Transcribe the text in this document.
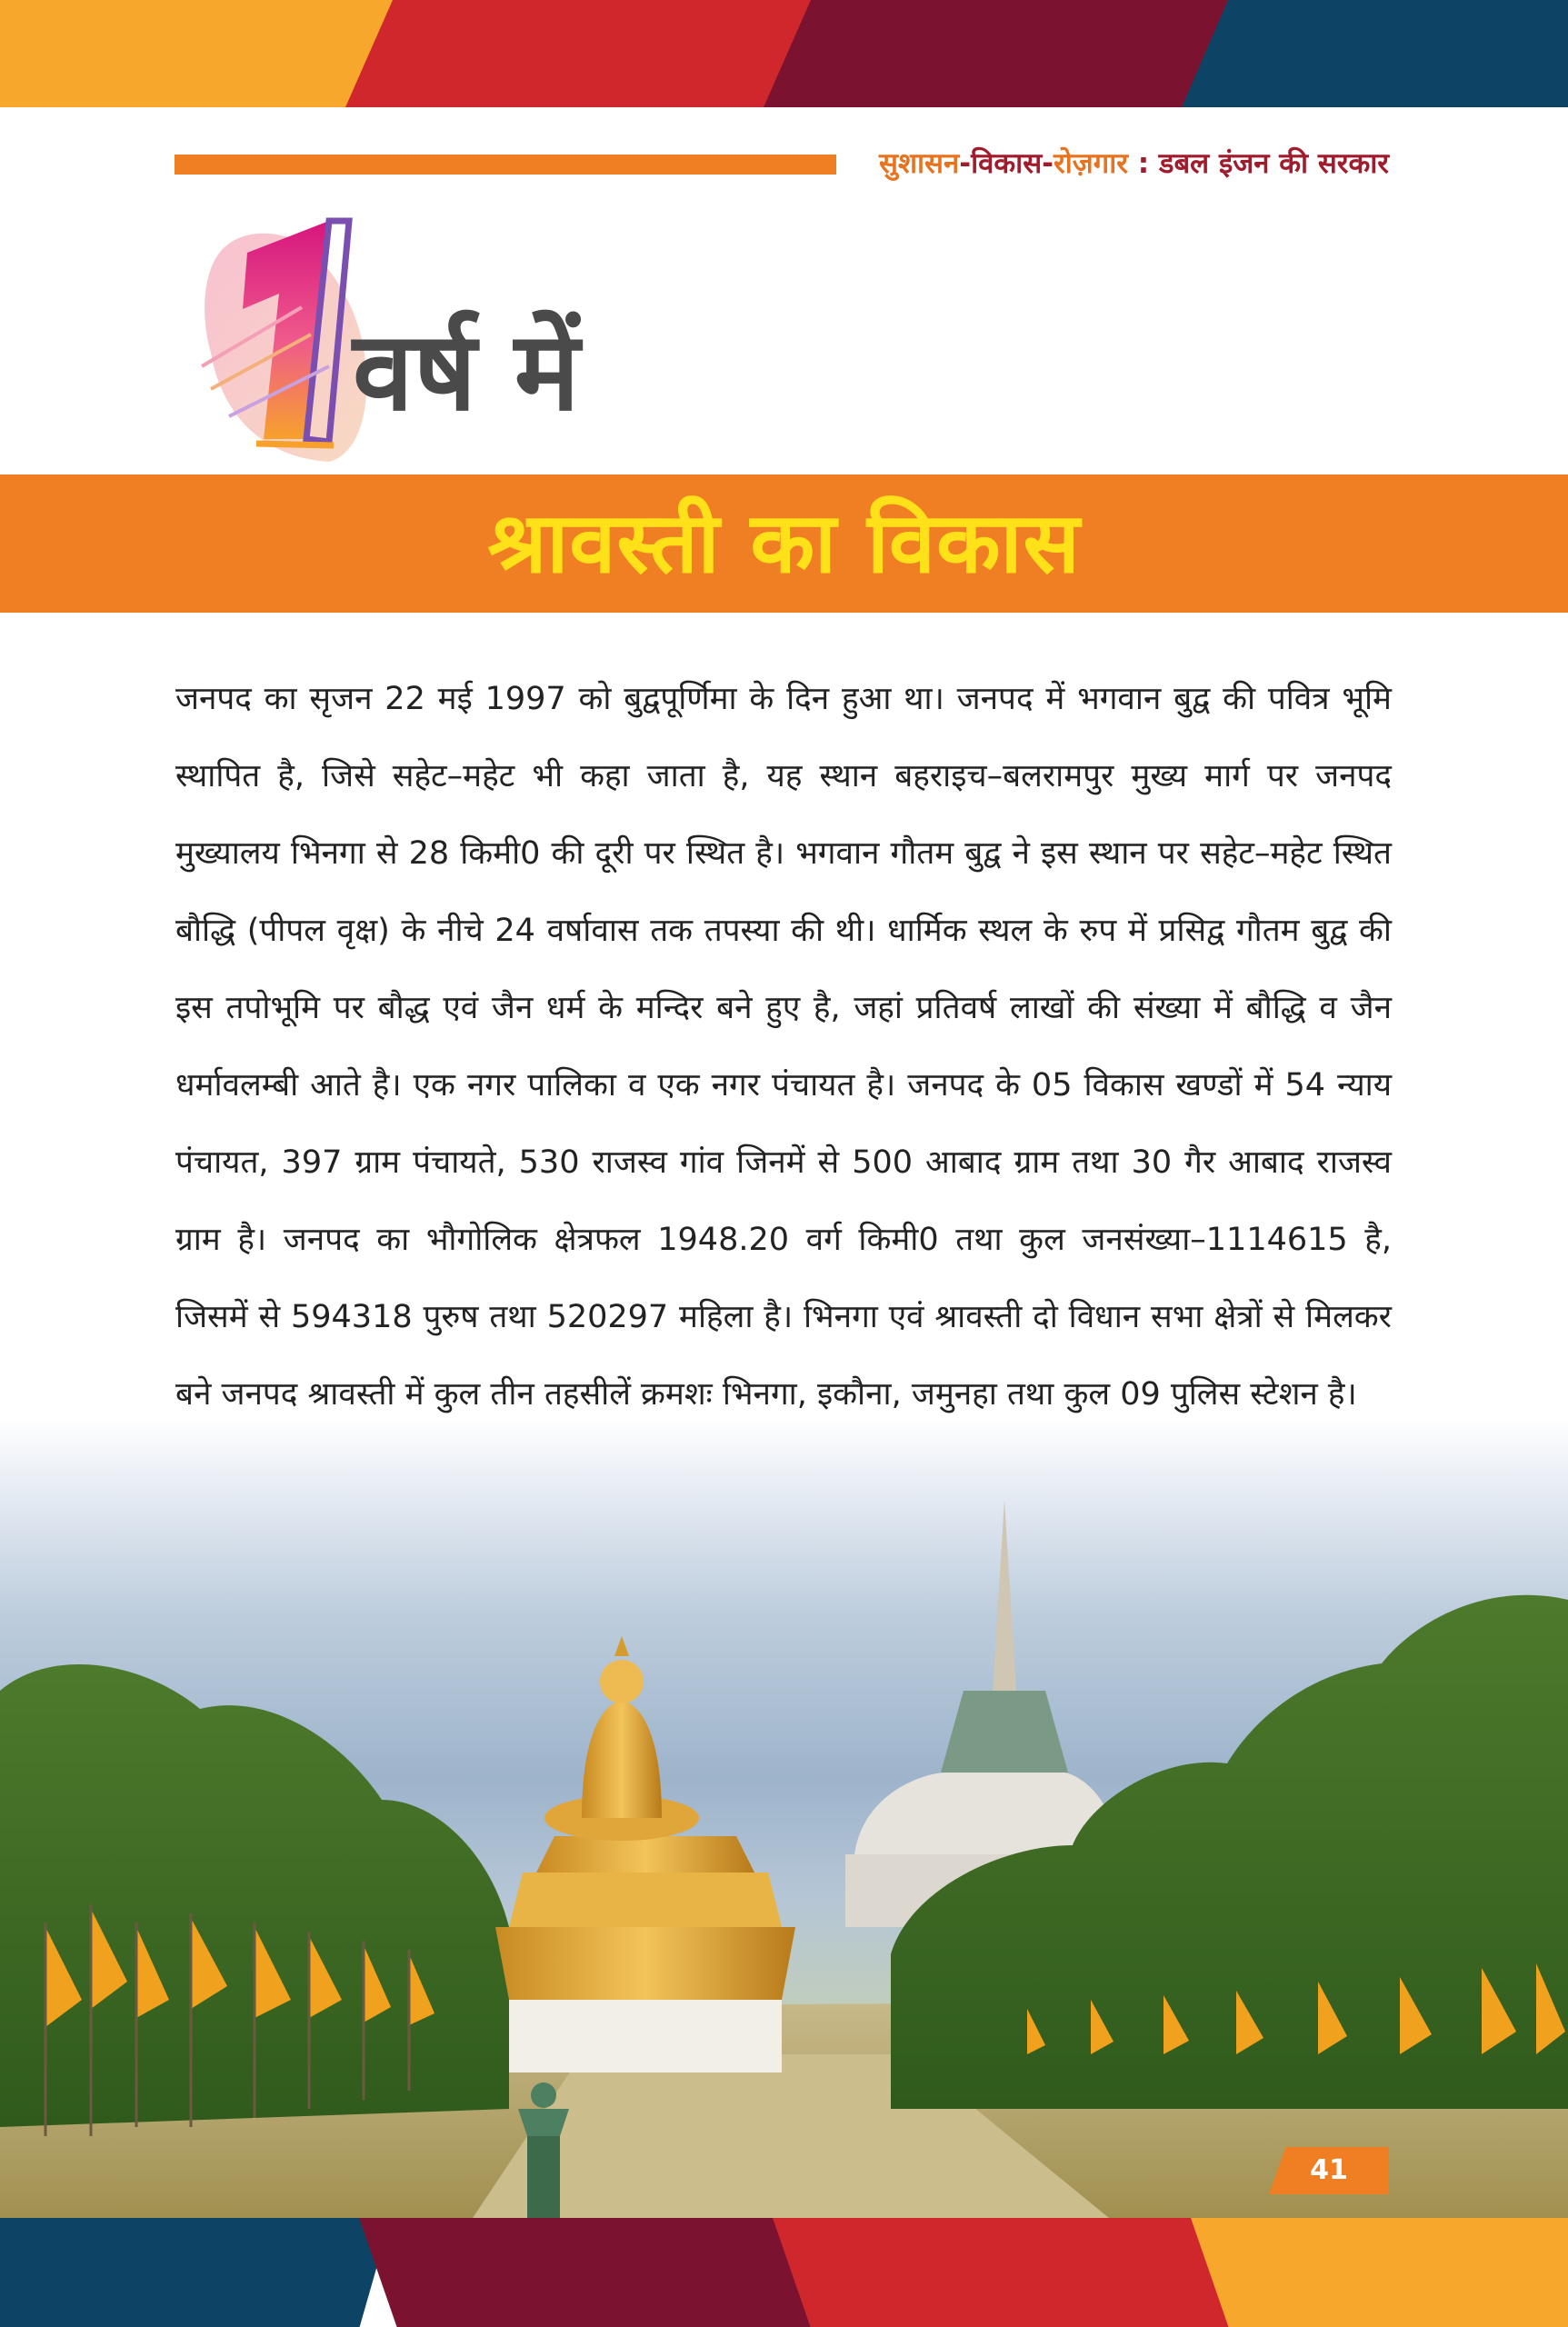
सुशासन-विकास-रोज़गार : डबल इंजन की सरकार
वर्ष में
श्रावस्ती का विकास
जनपद का सृजन 22 मई 1997 को बुद्वपूर्णिमा के दिन हुआ था। जनपद में भगवान बुद्व की पवित्र भूमि स्थापित है, जिसे सहेट–महेट भी कहा जाता है, यह स्थान बहराइच–बलरामपुर मुख्य मार्ग पर जनपद मुख्यालय भिनगा से 28 किमी0 की दूरी पर स्थित है। भगवान गौतम बुद्व ने इस स्थान पर सहेट–महेट स्थित बौद्धि (पीपल वृक्ष) के नीचे 24 वर्षावास तक तपस्या की थी। धार्मिक स्थल के रुप में प्रसिद्व गौतम बुद्व की इस तपोभूमि पर बौद्ध एवं जैन धर्म के मन्दिर बने हुए है, जहां प्रतिवर्ष लाखों की संख्या में बौद्धि व जैन धर्मावलम्बी आते है। एक नगर पालिका व एक नगर पंचायत है। जनपद के 05 विकास खण्डों में 54 न्याय पंचायत, 397 ग्राम पंचायते, 530 राजस्व गांव जिनमें से 500 आबाद ग्राम तथा 30 गैर आबाद राजस्व ग्राम है। जनपद का भौगोलिक क्षेत्रफल 1948.20 वर्ग किमी0 तथा कुल जनसंख्या–1114615 है, जिसमें से 594318 पुरुष तथा 520297 महिला है। भिनगा एवं श्रावस्ती दो विधान सभा क्षेत्रों से मिलकर बने जनपद श्रावस्ती में कुल तीन तहसीलें क्रमशः भिनगा, इकौना, जमुनहा तथा कुल 09 पुलिस स्टेशन है।
41
